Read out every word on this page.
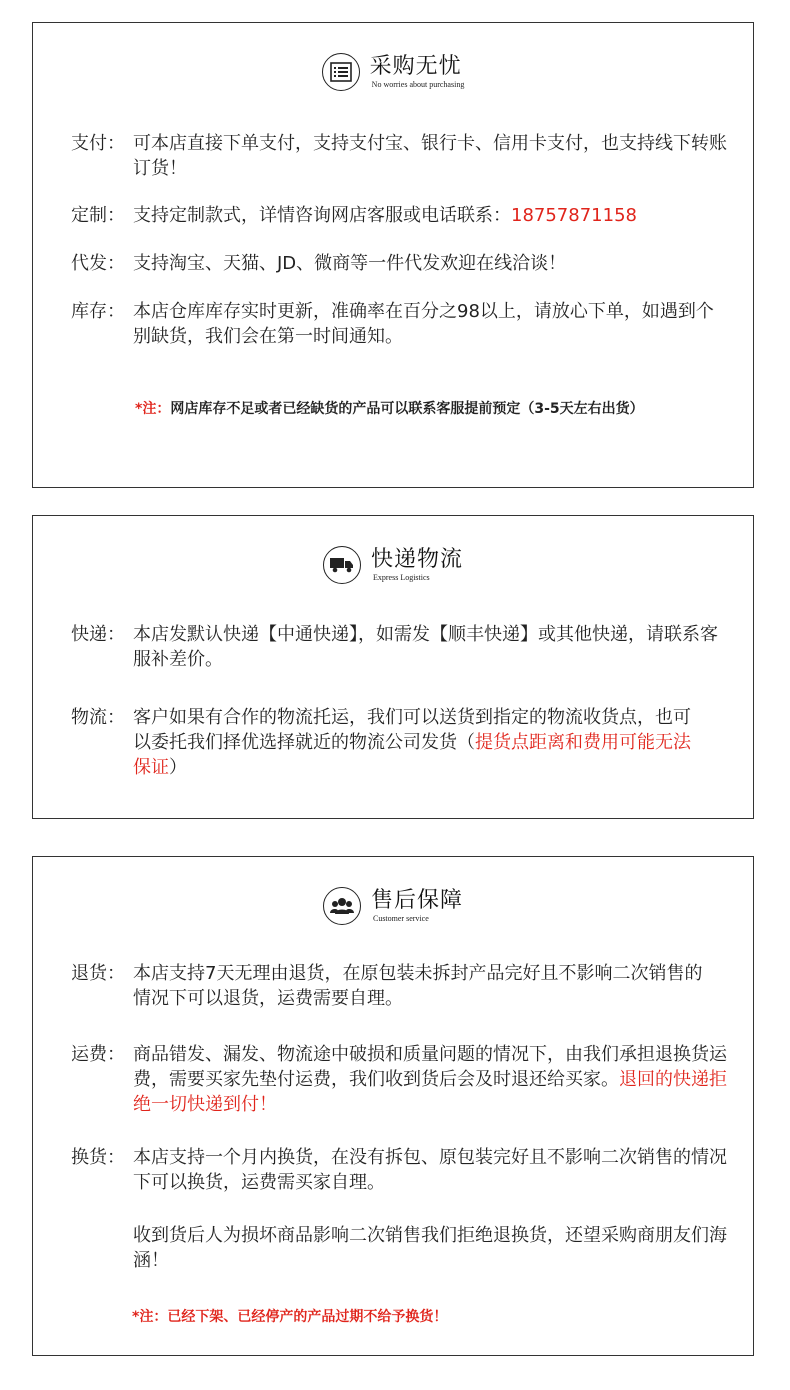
采购无忧
No worries about purchasing
支付： 可本店直接下单支付，支持支付宝、银行卡、信用卡支付，也支持线下转账订货！
定制： 支持定制款式，详情咨询网店客服或电话联系：18757871158
代发： 支持淘宝、天猫、JD、微商等一件代发欢迎在线洽谈！
库存： 本店仓库库存实时更新，准确率在百分之98以上，请放心下单，如遇到个别缺货，我们会在第一时间通知。
*注：网店库存不足或者已经缺货的产品可以联系客服提前预定（3-5天左右出货）
快递物流
Express Logistics
快递： 本店发默认快递【中通快递】，如需发【顺丰快递】或其他快递，请联系客服补差价。
物流： 客户如果有合作的物流托运，我们可以送货到指定的物流收货点，也可以委托我们择优选择就近的物流公司发货（提货点距离和费用可能无法保证）
售后保障
Customer service
退货： 本店支持7天无理由退货，在原包装未拆封产品完好且不影响二次销售的情况下可以退货，运费需要自理。
运费： 商品错发、漏发、物流途中破损和质量问题的情况下，由我们承担退换货运费，需要买家先垫付运费，我们收到货后会及时退还给买家。退回的快递拒绝一切快递到付！
换货： 本店支持一个月内换货，在没有拆包、原包装完好且不影响二次销售的情况下可以换货，运费需买家自理。
收到货后人为损坏商品影响二次销售我们拒绝退换货，还望采购商朋友们海涵！
*注：已经下架、已经停产的产品过期不给予换货！
